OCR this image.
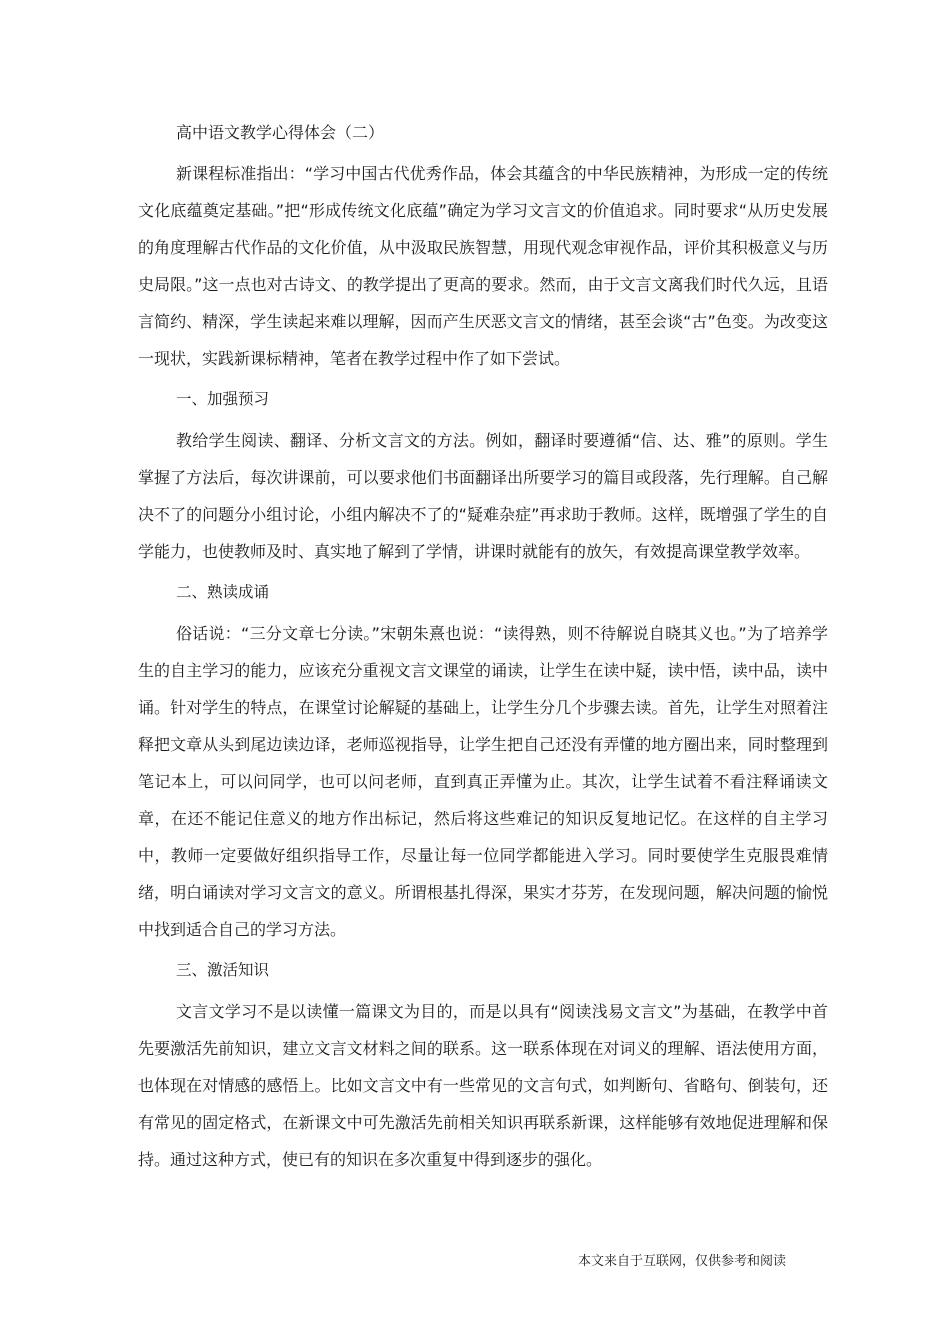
高中语文教学心得体会（二）

新课程标准指出：“学习中国古代优秀作品，体会其蕴含的中华民族精神，为形成一定的传统文化底蕴奠定基础。”把“形成传统文化底蕴”确定为学习文言文的价值追求。同时要求“从历史发展的角度理解古代作品的文化价值，从中汲取民族智慧，用现代观念审视作品，评价其积极意义与历史局限。”这一点也对古诗文、的教学提出了更高的要求。然而，由于文言文离我们时代久远，且语言简约、精深，学生读起来难以理解，因而产生厌恶文言文的情绪，甚至会谈“古”色变。为改变这一现状，实践新课标精神，笔者在教学过程中作了如下尝试。

一、加强预习

教给学生阅读、翻译、分析文言文的方法。例如，翻译时要遵循“信、达、雅”的原则。学生掌握了方法后，每次讲课前，可以要求他们书面翻译出所要学习的篇目或段落，先行理解。自己解决不了的问题分小组讨论，小组内解决不了的“疑难杂症”再求助于教师。这样，既增强了学生的自学能力，也使教师及时、真实地了解到了学情，讲课时就能有的放矢，有效提高课堂教学效率。

二、熟读成诵

俗话说：“三分文章七分读。”宋朝朱熹也说：“读得熟，则不待解说自晓其义也。”为了培养学生的自主学习的能力，应该充分重视文言文课堂的诵读，让学生在读中疑，读中悟，读中品，读中诵。针对学生的特点，在课堂讨论解疑的基础上，让学生分几个步骤去读。首先，让学生对照着注释把文章从头到尾边读边译，老师巡视指导，让学生把自己还没有弄懂的地方圈出来，同时整理到笔记本上，可以问同学，也可以问老师，直到真正弄懂为止。其次，让学生试着不看注释诵读文章，在还不能记住意义的地方作出标记，然后将这些难记的知识反复地记忆。在这样的自主学习中，教师一定要做好组织指导工作，尽量让每一位同学都能进入学习。同时要使学生克服畏难情绪，明白诵读对学习文言文的意义。所谓根基扎得深，果实才芬芳，在发现问题，解决问题的愉悦中找到适合自己的学习方法。

三、激活知识

文言文学习不是以读懂一篇课文为目的，而是以具有“阅读浅易文言文”为基础，在教学中首先要激活先前知识，建立文言文材料之间的联系。这一联系体现在对词义的理解、语法使用方面，也体现在对情感的感悟上。比如文言文中有一些常见的文言句式，如判断句、省略句、倒装句，还有常见的固定格式，在新课文中可先激活先前相关知识再联系新课，这样能够有效地促进理解和保持。通过这种方式，使已有的知识在多次重复中得到逐步的强化。

本文来自于互联网，仅供参考和阅读
